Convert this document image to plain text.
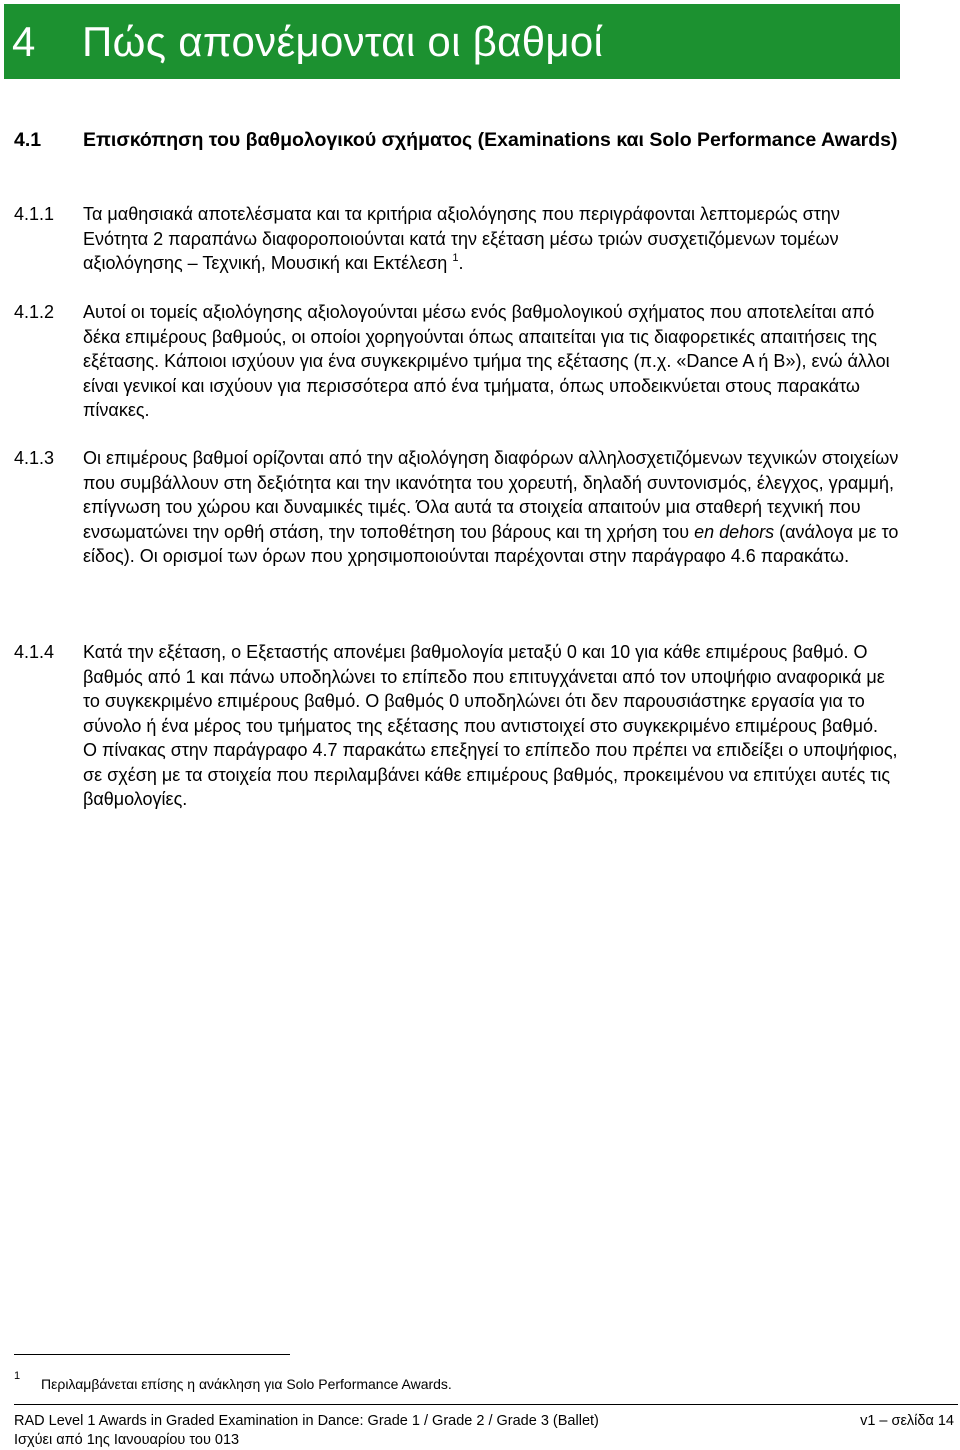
4 Πώς απονέμονται οι βαθμοί
4.1	Επισκόπηση του βαθμολογικού σχήματος (Examinations και Solo Performance Awards)
4.1.1	Τα μαθησιακά αποτελέσματα και τα κριτήρια αξιολόγησης που περιγράφονται λεπτομερώς στην Ενότητα 2 παραπάνω διαφοροποιούνται κατά την εξέταση μέσω τριών συσχετιζόμενων τομέων αξιολόγησης – Τεχνική, Μουσική και Εκτέλεση $^1$.
4.1.2	Αυτοί οι τομείς αξιολόγησης αξιολογούνται μέσω ενός βαθμολογικού σχήματος που αποτελείται από δέκα επιμέρους βαθμούς, οι οποίοι χορηγούνται όπως απαιτείται για τις διαφορετικές απαιτήσεις της εξέτασης. Κάποιοι ισχύουν για ένα συγκεκριμένο τμήμα της εξέτασης (π.χ. «Dance A ή B»), ενώ άλλοι είναι γενικοί και ισχύουν για περισσότερα από ένα τμήματα, όπως υποδεικνύεται στους παρακάτω πίνακες.
4.1.3	Οι επιμέρους βαθμοί ορίζονται από την αξιολόγηση διαφόρων αλληλοσχετιζόμενων τεχνικών στοιχείων που συμβάλλουν στη δεξιότητα και την ικανότητα του χορευτή, δηλαδή συντονισμός, έλεγχος, γραμμή, επίγνωση του χώρου και δυναμικές τιμές. Όλα αυτά τα στοιχεία απαιτούν μια σταθερή τεχνική που ενσωματώνει την ορθή στάση, την τοποθέτηση του βάρους και τη χρήση του en dehors (ανάλογα με το είδος). Οι ορισμοί των όρων που χρησιμοποιούνται παρέχονται στην παράγραφο 4.6 παρακάτω.
4.1.4	Κατά την εξέταση, ο Εξεταστής απονέμει βαθμολογία μεταξύ 0 και 10 για κάθε επιμέρους βαθμό. Ο βαθμός από 1 και πάνω υποδηλώνει το επίπεδο που επιτυγχάνεται από τον υποψήφιο αναφορικά με το συγκεκριμένο επιμέρους βαθμό. Ο βαθμός 0 υποδηλώνει ότι δεν παρουσιάστηκε εργασία για το σύνολο ή ένα μέρος του τμήματος της εξέτασης που αντιστοιχεί στο συγκεκριμένο επιμέρους βαθμό.
Ο πίνακας στην παράγραφο 4.7 παρακάτω επεξηγεί το επίπεδο που πρέπει να επιδείξει ο υποψήφιος, σε σχέση με τα στοιχεία που περιλαμβάνει κάθε επιμέρους βαθμός, προκειμένου να επιτύχει αυτές τις βαθμολογίες.
1	Περιλαμβάνεται επίσης η ανάκληση για Solo Performance Awards.
RAD Level 1 Awards in Graded Examination in Dance: Grade 1 / Grade 2 / Grade 3 (Ballet)	v1 – σελίδα 14
Ισχύει από 1ης Ιανουαρίου του 013
